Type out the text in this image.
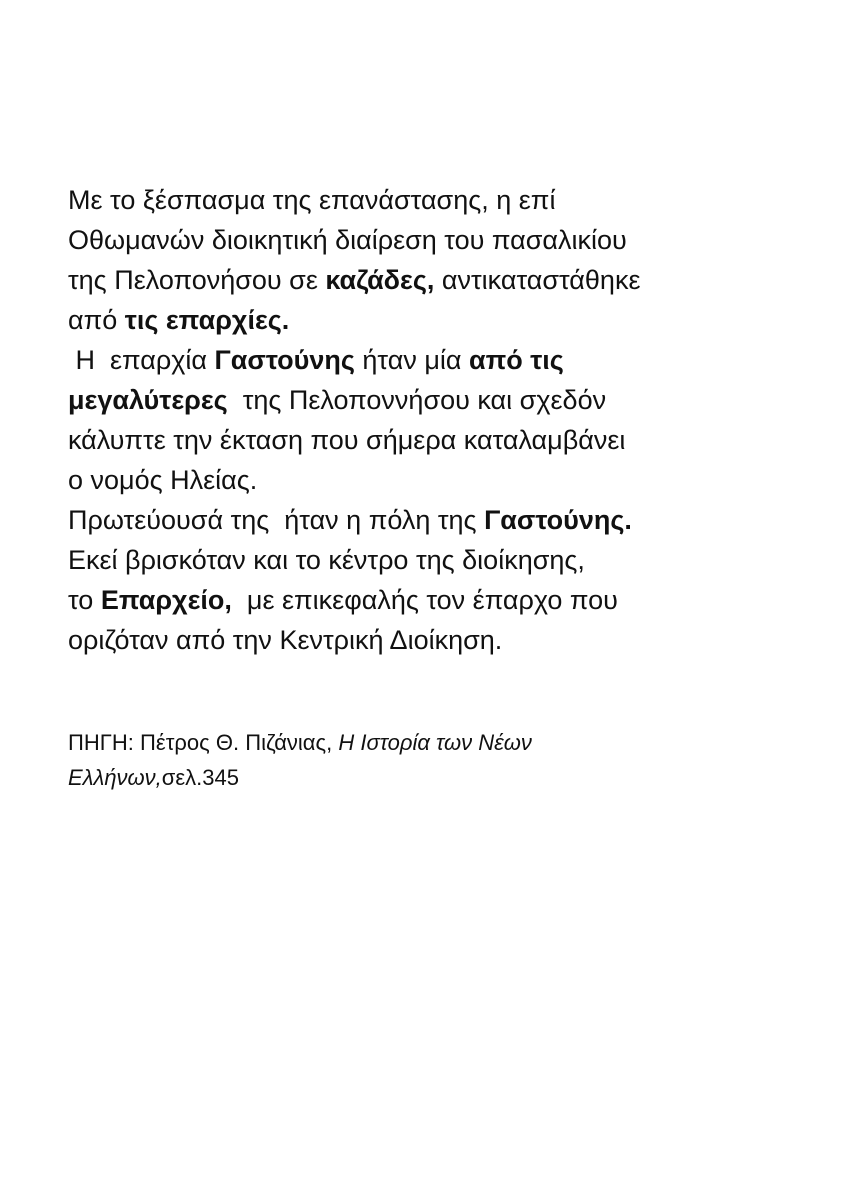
Με το ξέσπασμα της επανάστασης, η επί
Οθωμανών διοικητική διαίρεση του πασαλικίου
της Πελοπονήσου σε καζάδες, αντικαταστάθηκε
από τις επαρχίες.
Η  επαρχία Γαστούνης ήταν μία από τις
μεγαλύτερες  της Πελοποννήσου και σχεδόν
κάλυπτε την έκταση που σήμερα καταλαμβάνει
ο νομός Ηλείας.
Πρωτεύουσά της  ήταν η πόλη της Γαστούνης.
Εκεί βρισκόταν και το κέντρο της διοίκησης,
το Επαρχείο,  με επικεφαλής τον έπαρχο που
οριζόταν από την Κεντρική Διοίκηση.
ΠΗΓΗ: Πέτρος Θ. Πιζάνιας, Η Ιστορία των Νέων
Ελλήνων,σελ.345
